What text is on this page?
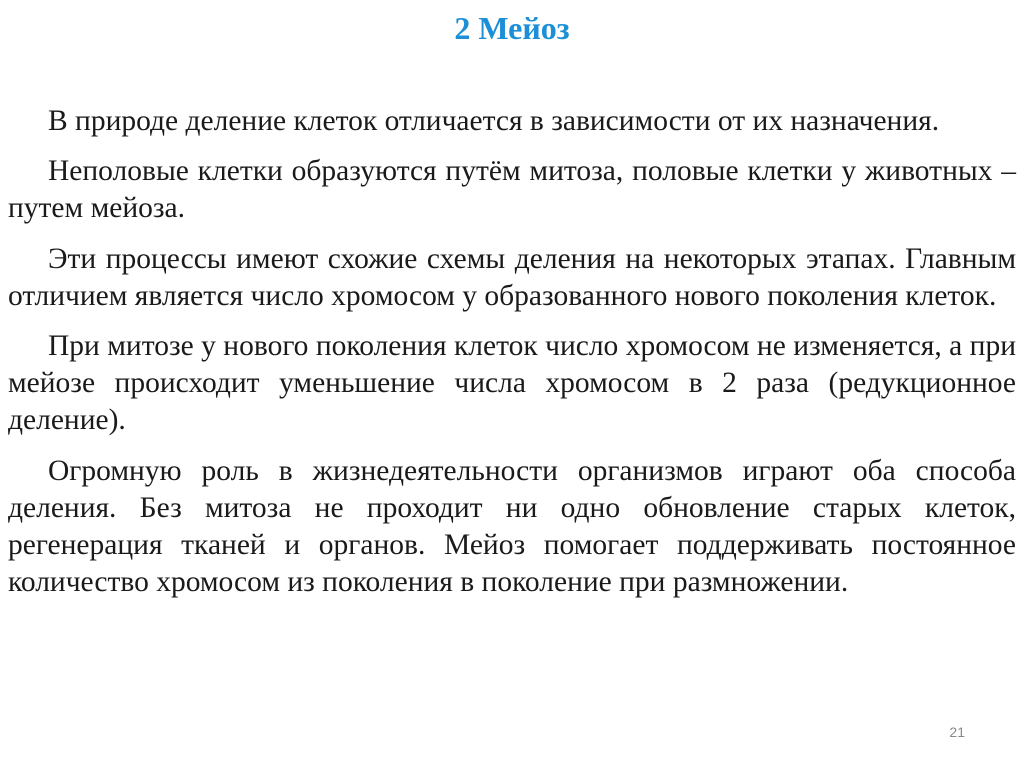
2 Мейоз

В природе деление клеток отличается в зависимости от их назначения.

Неполовые клетки образуются путём митоза, половые клетки у животных – путем мейоза.

Эти процессы имеют схожие схемы деления на некоторых этапах. Главным отличием является число хромосом у образованного нового поколения клеток.

При митозе у нового поколения клеток число хромосом не изменяется, а при мейозе происходит уменьшение числа хромосом в 2 раза (редукционное деление).

Огромную роль в жизнедеятельности организмов играют оба способа деления. Без митоза не проходит ни одно обновление старых клеток, регенерация тканей и органов. Мейоз помогает поддерживать постоянное количество хромосом из поколения в поколение при размножении.

21
